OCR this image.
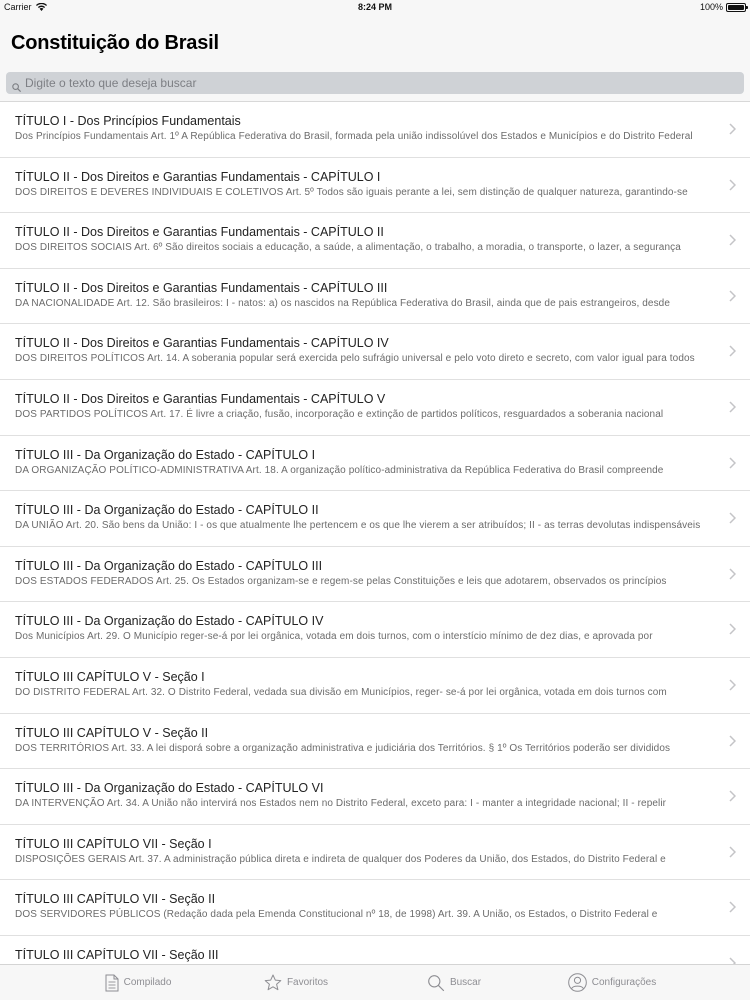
Carrier	8:24 PM	100%
Constituição do Brasil
Digite o texto que deseja buscar
TÍTULO I - Dos Princípios Fundamentais
Dos Princípios Fundamentais Art. 1º A República Federativa do Brasil, formada pela união indissolúvel dos Estados e Municípios e do Distrito Federal
TÍTULO II - Dos Direitos e Garantias Fundamentais - CAPÍTULO I
DOS DIREITOS E DEVERES INDIVIDUAIS E COLETIVOS Art. 5º Todos são iguais perante a lei, sem distinção de qualquer natureza, garantindo-se
TÍTULO II - Dos Direitos e Garantias Fundamentais - CAPÍTULO II
DOS DIREITOS SOCIAIS Art. 6º São direitos sociais a educação, a saúde, a alimentação, o trabalho, a moradia, o transporte, o lazer, a segurança
TÍTULO II - Dos Direitos e Garantias Fundamentais - CAPÍTULO III
DA NACIONALIDADE Art. 12. São brasileiros: I - natos: a) os nascidos na República Federativa do Brasil, ainda que de pais estrangeiros, desde
TÍTULO II - Dos Direitos e Garantias Fundamentais - CAPÍTULO IV
DOS DIREITOS POLÍTICOS Art. 14. A soberania popular será exercida pelo sufrágio universal e pelo voto direto e secreto, com valor igual para todos
TÍTULO II - Dos Direitos e Garantias Fundamentais - CAPÍTULO V
DOS PARTIDOS POLÍTICOS Art. 17. É livre a criação, fusão, incorporação e extinção de partidos políticos, resguardados a soberania nacional
TÍTULO III - Da Organização do Estado - CAPÍTULO I
DA ORGANIZAÇÃO POLÍTICO-ADMINISTRATIVA Art. 18. A organização político-administrativa da República Federativa do Brasil compreende
TÍTULO III - Da Organização do Estado - CAPÍTULO II
DA UNIÃO Art. 20. São bens da União: I - os que atualmente lhe pertencem e os que lhe vierem a ser atribuídos; II - as terras devolutas indispensáveis
TÍTULO III - Da Organização do Estado - CAPÍTULO III
DOS ESTADOS FEDERADOS Art. 25. Os Estados organizam-se e regem-se pelas Constituições e leis que adotarem, observados os princípios
TÍTULO III - Da Organização do Estado - CAPÍTULO IV
Dos Municípios Art. 29. O Município reger-se-á por lei orgânica, votada em dois turnos, com o interstício mínimo de dez dias, e aprovada por
TÍTULO III CAPÍTULO V - Seção I
DO DISTRITO FEDERAL Art. 32. O Distrito Federal, vedada sua divisão em Municípios, reger- se-á por lei orgânica, votada em dois turnos com
TÍTULO III CAPÍTULO V - Seção II
DOS TERRITÓRIOS Art. 33. A lei disporá sobre a organização administrativa e judiciária dos Territórios. § 1º Os Territórios poderão ser divididos
TÍTULO III - Da Organização do Estado - CAPÍTULO VI
DA INTERVENÇÃO Art. 34. A União não intervirá nos Estados nem no Distrito Federal, exceto para: I - manter a integridade nacional; II - repelir
TÍTULO III CAPÍTULO VII - Seção I
DISPOSIÇÕES GERAIS Art. 37. A administração pública direta e indireta de qualquer dos Poderes da União, dos Estados, do Distrito Federal e
TÍTULO III CAPÍTULO VII - Seção II
DOS SERVIDORES PÚBLICOS (Redação dada pela Emenda Constitucional nº 18, de 1998) Art. 39. A União, os Estados, o Distrito Federal e
TÍTULO III CAPÍTULO VII - Seção III
Compilado	Favoritos	Buscar	Configurações
